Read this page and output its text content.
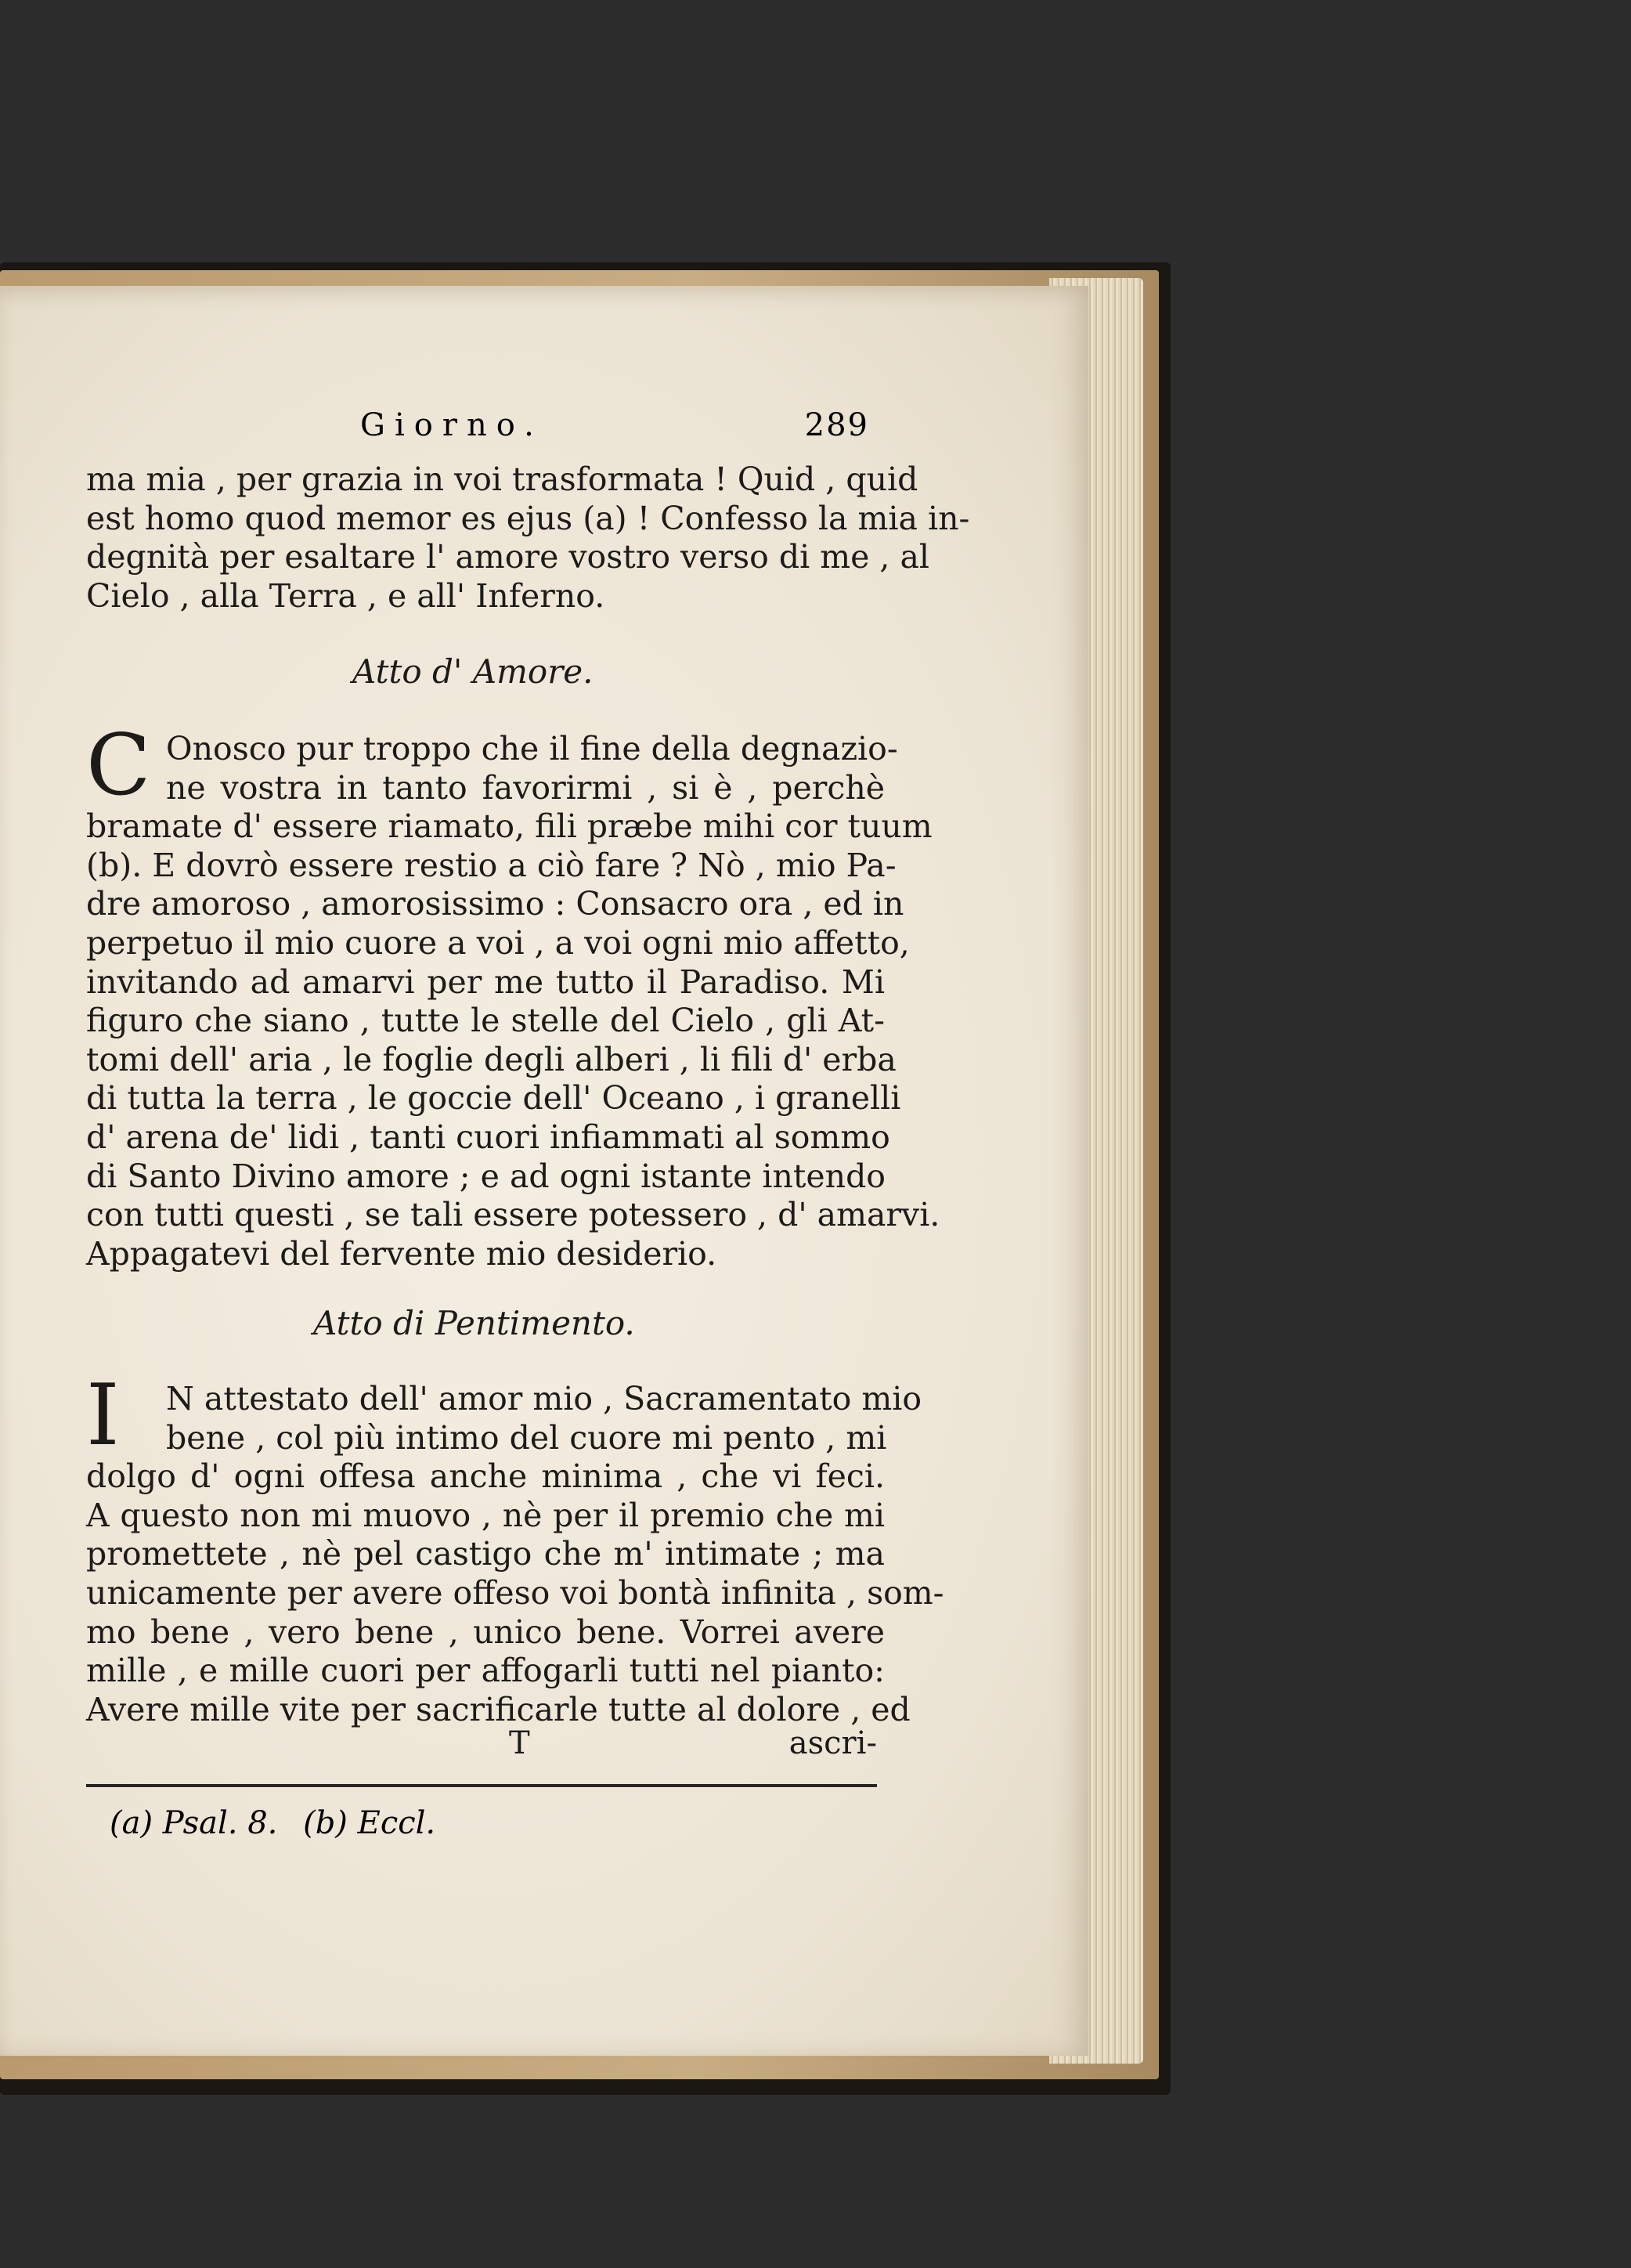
Giorno.	289
ma mia , per grazia in voi trasformata ! Quid , quid
est homo quod memor es ejus (a) ! Confesso la mia in-
degnità per esaltare l' amore vostro verso di me , al
Cielo , alla Terra , e all' Inferno.
Atto d' Amore.
C Onosco pur troppo che il fine della degnazio-
ne vostra in tanto favorirmi , si è , perchè
bramate d' essere riamato, fili præbe mihi cor tuum
(b). E dovrò essere restio a ciò fare ? Nò , mio Pa-
dre amoroso , amorosissimo : Consacro ora , ed in
perpetuo il mio cuore a voi , a voi ogni mio affetto,
invitando ad amarvi per me tutto il Paradiso. Mi
figuro che siano , tutte le stelle del Cielo , gli At-
tomi dell' aria , le foglie degli alberi , li fili d' erba
di tutta la terra , le goccie dell' Oceano , i granelli
d' arena de' lidi , tanti cuori infiammati al sommo
di Santo Divino amore ; e ad ogni istante intendo
con tutti questi , se tali essere potessero , d' amarvi.
Appagatevi del fervente mio desiderio.
Atto di Pentimento.
I N attestato dell' amor mio , Sacramentato mio
bene , col più intimo del cuore mi pento , mi
dolgo d' ogni offesa anche minima , che vi feci.
A questo non mi muovo , nè per il premio che mi
promettete , nè pel castigo che m' intimate ; ma
unicamente per avere offeso voi bontà infinita , som-
mo bene , vero bene , unico bene. Vorrei avere
mille , e mille cuori per affogarli tutti nel pianto:
Avere mille vite per sacrificarle tutte al dolore , ed
T	ascri-
(a) Psal. 8. (b) Eccl.
